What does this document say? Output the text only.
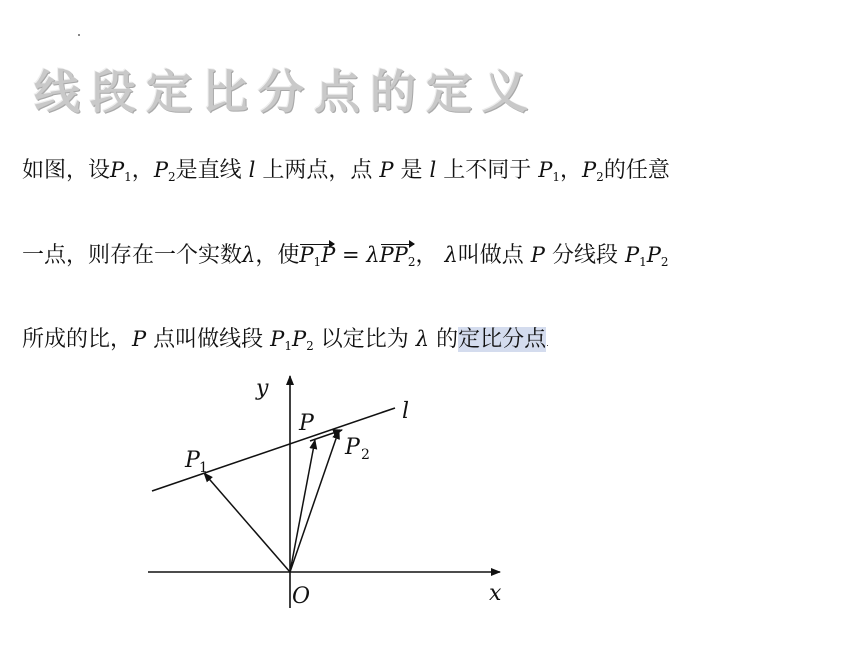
线段定比分点的定义
如图，设$P_1$，$P_2$是直线 l 上两点，点 P 是 l 上不同于 $P_1$，$P_2$的任意
一点，则存在一个实数λ，使$P_1P = \lambda PP_2$， λ叫做点 P 分线段 $P_1P_2$
所成的比，P 点叫做线段 $P_1P_2$ 以定比为 λ 的定比分点.
y
x
O
l
P
P 1
P 2
